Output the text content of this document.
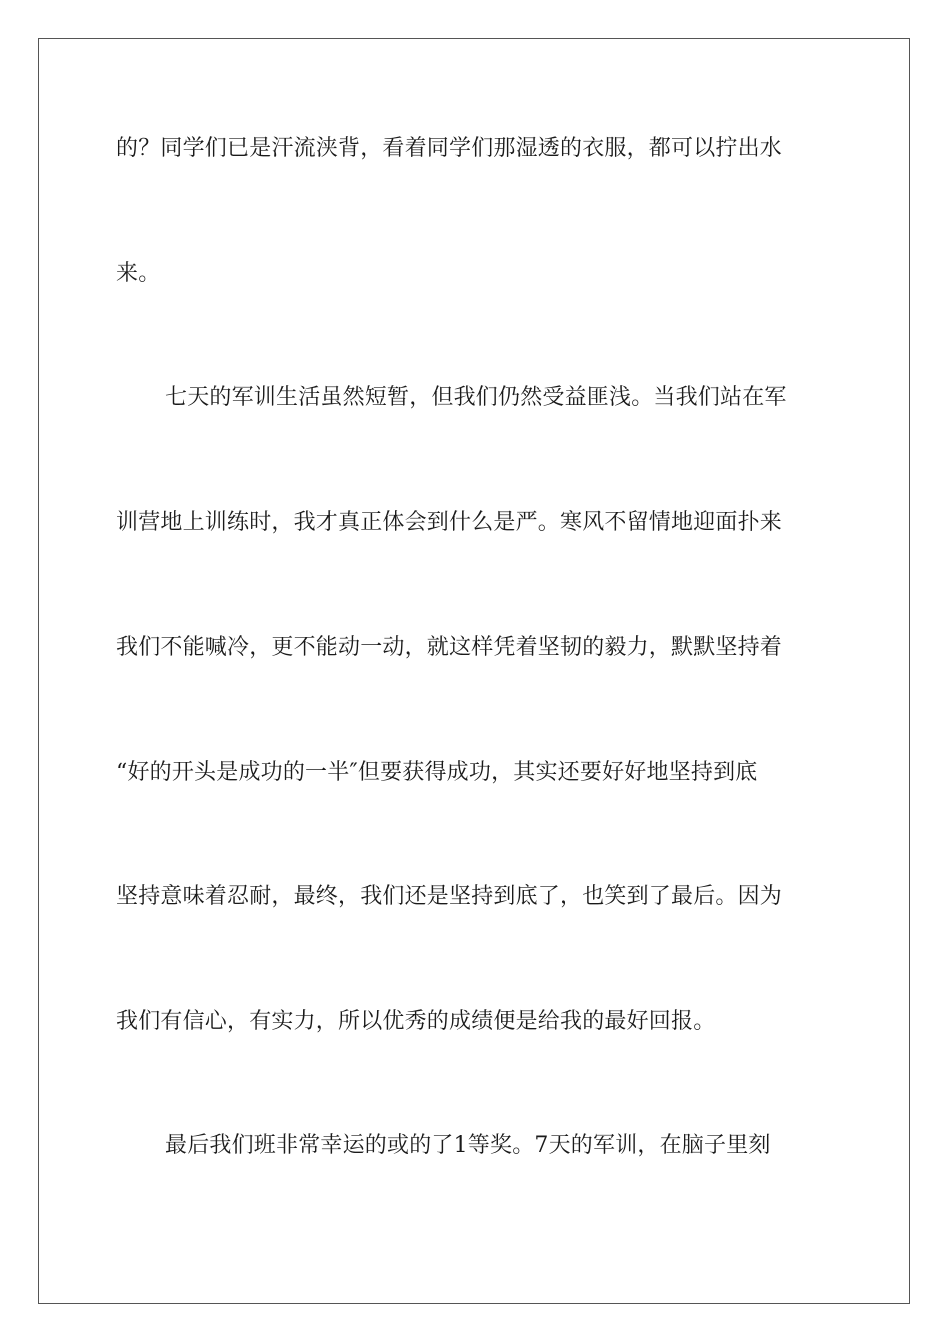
的？同学们已是汗流浃背，看着同学们那湿透的衣服，都可以拧出水
来。
七天的军训生活虽然短暂，但我们仍然受益匪浅。当我们站在军
训营地上训练时，我才真正体会到什么是严。寒风不留情地迎面扑来
我们不能喊冷，更不能动一动，就这样凭着坚韧的毅力，默默坚持着
“好的开头是成功的一半″但要获得成功，其实还要好好地坚持到底
坚持意味着忍耐，最终，我们还是坚持到底了，也笑到了最后。因为
我们有信心，有实力，所以优秀的成绩便是给我的最好回报。
最后我们班非常幸运的或的了1等奖。7天的军训，在脑子里刻
